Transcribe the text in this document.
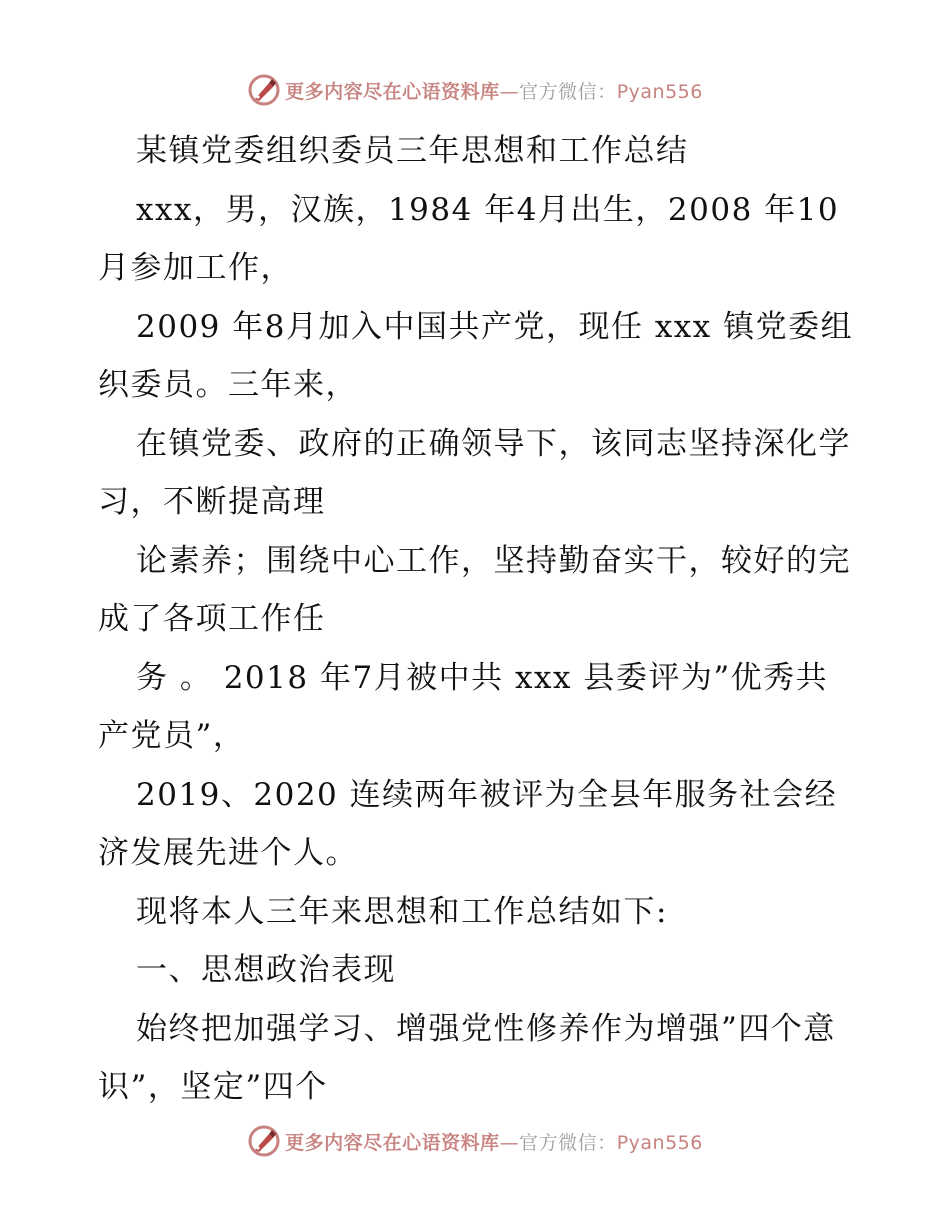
更多内容尽在心语资料库—官方微信：Pyan556

某镇党委组织委员三年思想和工作总结

xxx，男，汉族，1984 年4月出生，2008 年10月参加工作，

2009 年8月加入中国共产党，现任 xxx 镇党委组织委员。三年来，

在镇党委、政府的正确领导下，该同志坚持深化学习，不断提高理

论素养；围绕中心工作，坚持勤奋实干，较好的完成了各项工作任

务 。 2018 年7月被中共 xxx 县委评为”优秀共产党员”，

2019、2020 连续两年被评为全县年服务社会经济发展先进个人。

现将本人三年来思想和工作总结如下:

一、思想政治表现

始终把加强学习、增强党性修养作为增强”四个意识”，坚定”四个

更多内容尽在心语资料库—官方微信：Pyan556
